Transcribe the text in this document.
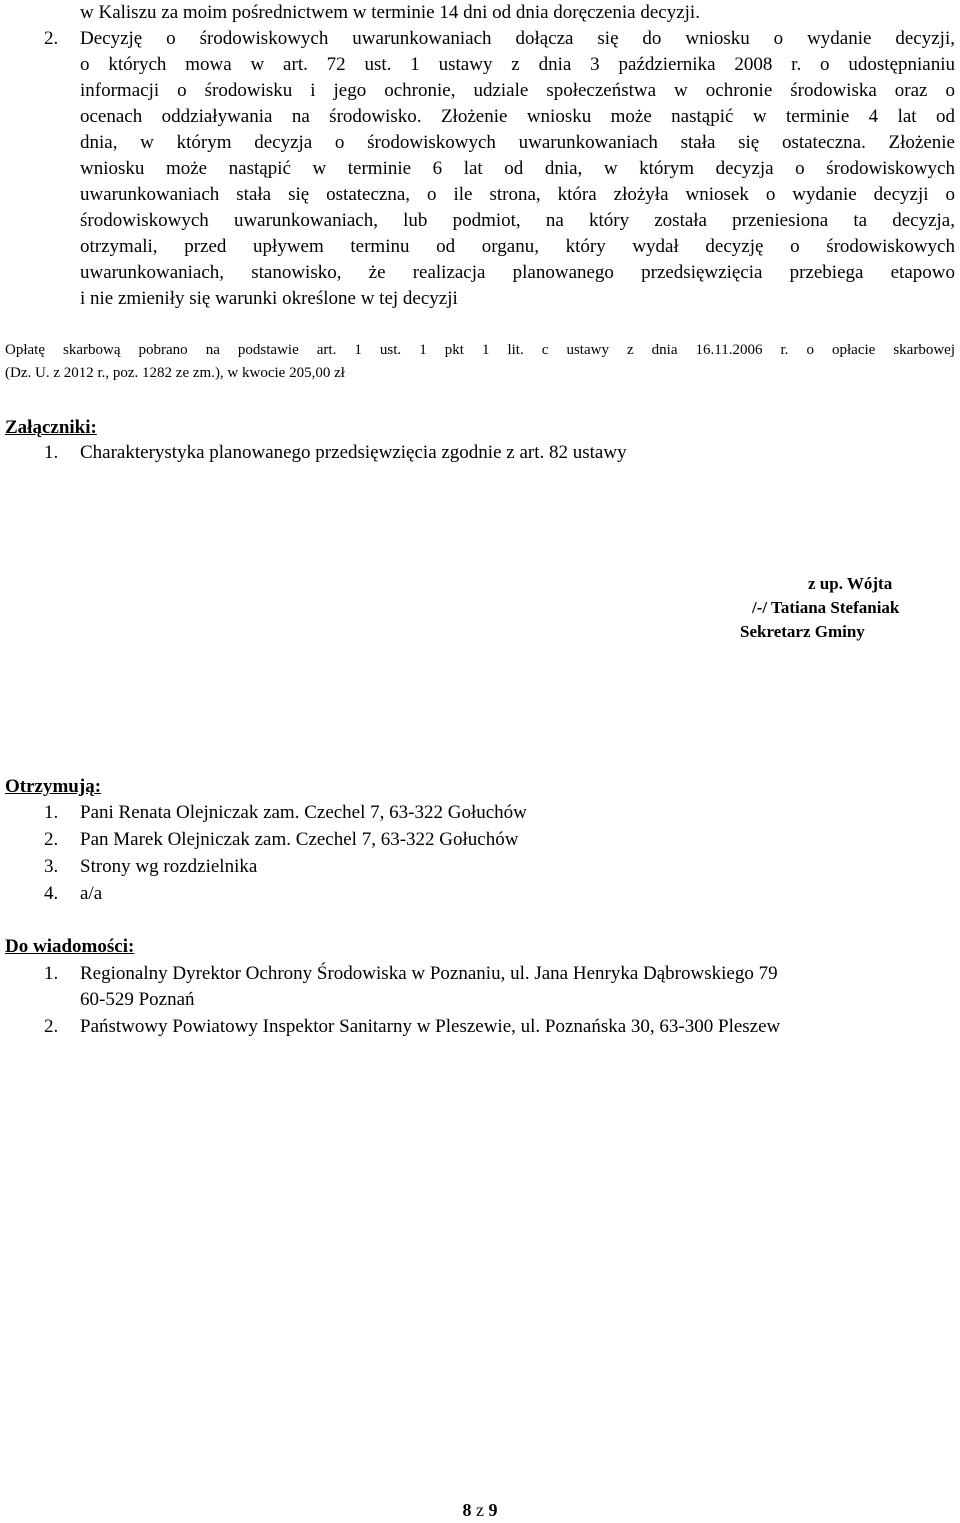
w Kaliszu za moim pośrednictwem w terminie 14 dni od dnia doręczenia decyzji.
2. Decyzję o środowiskowych uwarunkowaniach dołącza się do wniosku o wydanie decyzji,
o których mowa w art. 72 ust. 1 ustawy z dnia 3 października 2008 r. o udostępnianiu
informacji o środowisku i jego ochronie, udziale społeczeństwa w ochronie środowiska oraz o
ocenach oddziaływania na środowisko. Złożenie wniosku może nastąpić w terminie 4 lat od
dnia, w którym decyzja o środowiskowych uwarunkowaniach stała się ostateczna. Złożenie
wniosku może nastąpić w terminie 6 lat od dnia, w którym decyzja o środowiskowych
uwarunkowaniach stała się ostateczna, o ile strona, która złożyła wniosek o wydanie decyzji o
środowiskowych uwarunkowaniach, lub podmiot, na który została przeniesiona ta decyzja,
otrzymali, przed upływem terminu od organu, który wydał decyzję o środowiskowych
uwarunkowaniach, stanowisko, że realizacja planowanego przedsięwzięcia przebiega etapowo
i nie zmieniły się warunki określone w tej decyzji
Opłatę skarbową pobrano na podstawie art. 1 ust. 1 pkt 1 lit. c ustawy z dnia 16.11.2006 r. o opłacie skarbowej
(Dz. U. z 2012 r., poz. 1282 ze zm.), w kwocie 205,00 zł
Załączniki:
1. Charakterystyka planowanego przedsięwzięcia zgodnie z art. 82 ustawy
z up. Wójta
/-/ Tatiana Stefaniak
Sekretarz Gminy
Otrzymują:
1. Pani Renata Olejniczak zam. Czechel 7, 63-322 Gołuchów
2. Pan Marek Olejniczak zam. Czechel 7, 63-322 Gołuchów
3. Strony wg rozdzielnika
4. a/a
Do wiadomości:
1. Regionalny Dyrektor Ochrony Środowiska w Poznaniu, ul. Jana Henryka Dąbrowskiego 79
60-529 Poznań
2. Państwowy Powiatowy Inspektor Sanitarny w Pleszewie, ul. Poznańska 30, 63-300 Pleszew
8 z 9
